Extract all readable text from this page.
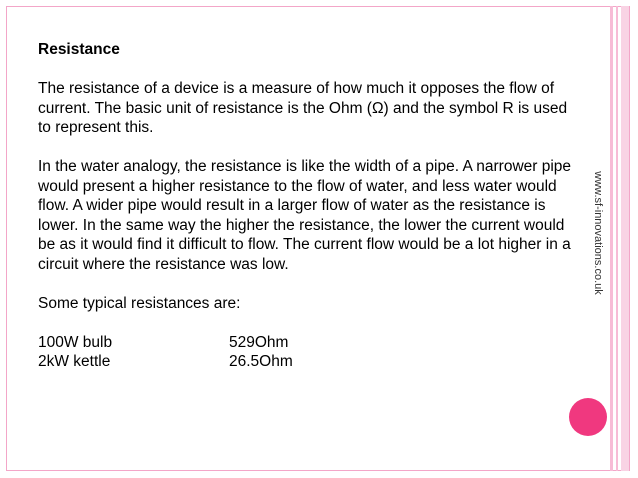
Resistance

The resistance of a device is a measure of how much it opposes the flow of current. The basic unit of resistance is the Ohm (Ω) and the symbol R is used to represent this.

In the water analogy, the resistance is like the width of a pipe. A narrower pipe would present a higher resistance to the flow of water, and less water would flow. A wider pipe would result in a larger flow of water as the resistance is lower. In the same way the higher the resistance, the lower the current would be as it would find it difficult to flow. The current flow would be a lot higher in a circuit where the resistance was low.

Some typical resistances are:

100W bulb	529Ohm
2kW kettle	26.5Ohm
www.sf-innovations.co.uk
